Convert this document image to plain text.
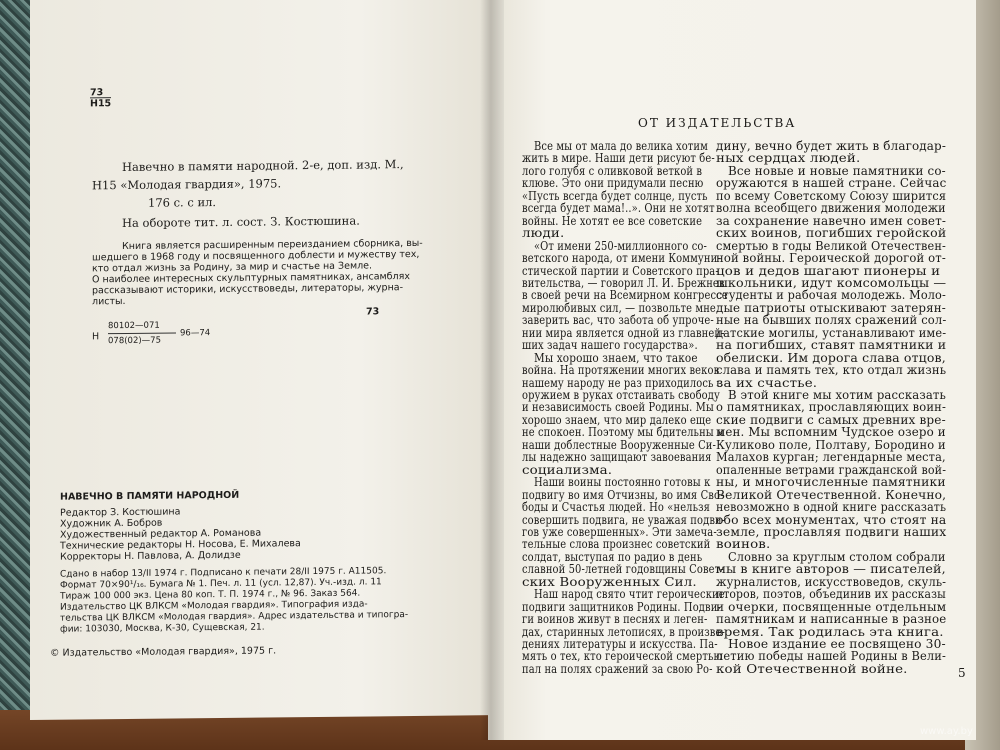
73
Н15
Навечно в памяти народной. 2-е, доп. изд. М.,
Н15 «Молодая гвардия», 1975.
176 с. с ил.
На обороте тит. л. сост. З. Костюшина.
Книга является расширенным переизданием сборника, вы-
шедшего в 1968 году и посвященного доблести и мужеству тех,
кто отдал жизнь за Родину, за мир и счастье на Земле.
О наиболее интересных скульптурных памятниках, ансамблях
рассказывают историки, искусствоведы, литераторы, журна-
листы.
73
Н
80102—071
078(02)—75
96—74
НАВЕЧНО В ПАМЯТИ НАРОДНОЙ
Редактор З. Костюшина
Художник А. Бобров
Художественный редактор А. Романова
Технические редакторы Н. Носова, Е. Михалева
Корректоры Н. Павлова, А. Долидзе
Сдано в набор 13/II 1974 г. Подписано к печати 28/II 1975 г. А11505.
Формат 70×90¹/₁₆. Бумага № 1. Печ. л. 11 (усл. 12,87). Уч.-изд. л. 11
Тираж 100 000 экз. Цена 80 коп. Т. П. 1974 г., № 96. Заказ 564.
Издательство ЦК ВЛКСМ «Молодая гвардия». Типография изда-
тельства ЦК ВЛКСМ «Молодая гвардия». Адрес издательства и типогра-
фии: 103030, Москва, К-30, Сущевская, 21.
© Издательство «Молодая гвардия», 1975 г.
ОТ ИЗДАТЕЛЬСТВА
Все мы от мала до велика хотим
жить в мире. Наши дети рисуют бе-
лого голубя с оливковой веткой в
клюве. Это они придумали песню
«Пусть всегда будет солнце, пусть
всегда будет мама!..». Они не хотят
войны. Не хотят ее все советские
люди.
«От имени 250-миллионного со-
ветского народа, от имени Коммуни-
стической партии и Советского пра-
вительства, — говорил Л. И. Брежнев
в своей речи на Всемирном конгрессе
миролюбивых сил, — позвольте мне
заверить вас, что забота об упроче-
нии мира является одной из главней-
ших задач нашего государства».
Мы хорошо знаем, что такое
война. На протяжении многих веков
нашему народу не раз приходилось с
оружием в руках отстаивать свободу
и независимость своей Родины. Мы
хорошо знаем, что мир далеко еще
не спокоен. Поэтому мы бдительны и
наши доблестные Вооруженные Си-
лы надежно защищают завоевания
социализма.
Наши воины постоянно готовы к
подвигу во имя Отчизны, во имя Сво-
боды и Счастья людей. Но «нельзя
совершить подвига, не уважая подви-
гов уже совершенных». Эти замеча-
тельные слова произнес советский
солдат, выступая по радио в день
славной 50-летней годовщины Совет-
ских Вооруженных Сил.
Наш народ свято чтит героические
подвиги защитников Родины. Подви-
ги воинов живут в песнях и леген-
дах, старинных летописях, в произве-
дениях литературы и искусства. Па-
мять о тех, кто героической смертью
пал на полях сражений за свою Ро-
дину, вечно будет жить в благодар-
ных сердцах людей.
Все новые и новые памятники со-
оружаются в нашей стране. Сейчас
по всему Советскому Союзу ширится
волна всеобщего движения молодежи
за сохранение навечно имен совет-
ских воинов, погибших геройской
смертью в годы Великой Отечествен-
ной войны. Героической дорогой от-
цов и дедов шагают пионеры и
школьники, идут комсомольцы —
студенты и рабочая молодежь. Моло-
дые патриоты отыскивают затерян-
ные на бывших полях сражений сол-
датские могилы, устанавливают име-
на погибших, ставят памятники и
обелиски. Им дорога слава отцов,
слава и память тех, кто отдал жизнь
за их счастье.
В этой книге мы хотим рассказать
о памятниках, прославляющих воин-
ские подвиги с самых древних вре-
мен. Мы вспомним Чудское озеро и
Куликово поле, Полтаву, Бородино и
Малахов курган; легендарные места,
опаленные ветрами гражданской вой-
ны, и многочисленные памятники
Великой Отечественной. Конечно,
невозможно в одной книге рассказать
обо всех монументах, что стоят на
земле, прославляя подвиги наших
воинов.
Словно за круглым столом собрали
мы в книге авторов — писателей,
журналистов, искусствоведов, скуль-
пторов, поэтов, объединив их рассказы
и очерки, посвященные отдельным
памятникам и написанные в разное
время. Так родилась эта книга.
Новое издание ее посвящено 30-
летию победы нашей Родины в Вели-
кой Отечественной войне.	5
www.ay.by
